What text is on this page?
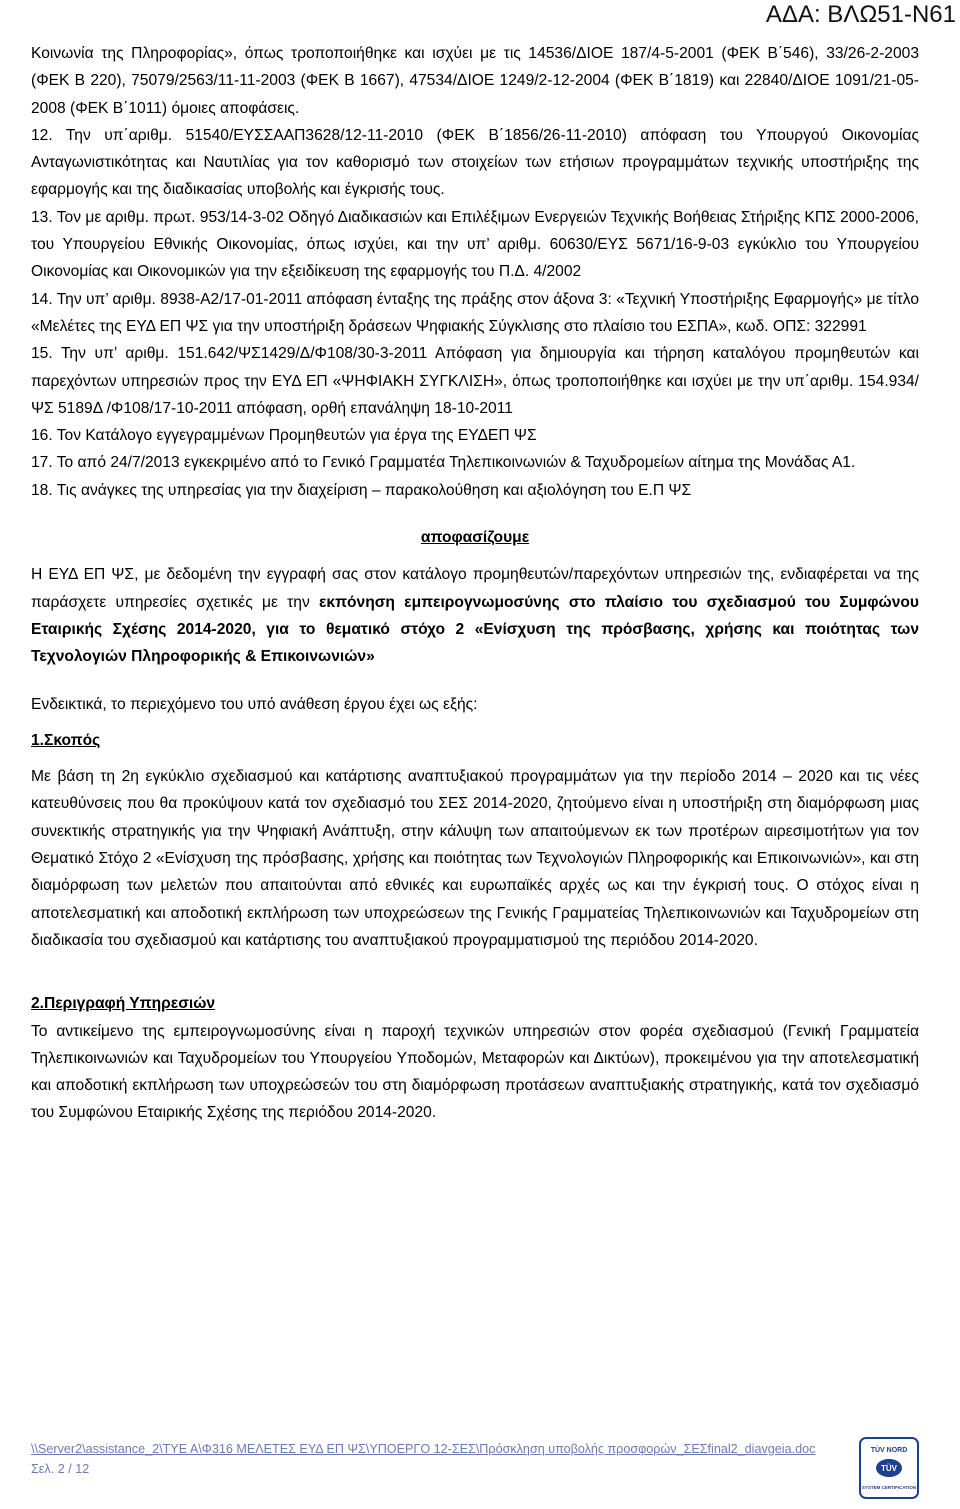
ΑΔΑ: ΒΛΩ51-Ν61

Κοινωνία της Πληροφορίας», όπως τροποποιήθηκε και ισχύει με τις 14536/ΔΙΟΕ 187/4-5-2001 (ΦΕΚ Β΄546), 33/26-2-2003 (ΦΕΚ Β 220), 75079/2563/11-11-2003 (ΦΕΚ Β 1667), 47534/ΔΙΟΕ 1249/2-12-2004 (ΦΕΚ Β΄1819) και 22840/ΔΙΟΕ 1091/21-05-2008 (ΦΕΚ Β΄1011) όμοιες αποφάσεις.

12. Την υπ΄αριθμ. 51540/ΕΥΣΣΑΑΠ3628/12-11-2010 (ΦΕΚ Β΄1856/26-11-2010) απόφαση του Υπουργού Οικονομίας Ανταγωνιστικότητας και Ναυτιλίας για τον καθορισμό των στοιχείων των ετήσιων προγραμμάτων τεχνικής υποστήριξης της εφαρμογής και της διαδικασίας υποβολής και έγκρισής τους.

13. Τον με αριθμ. πρωτ. 953/14-3-02 Οδηγό Διαδικασιών και Επιλέξιμων Ενεργειών Τεχνικής Βοήθειας Στήριξης ΚΠΣ 2000-2006, του Υπουργείου Εθνικής Οικονομίας, όπως ισχύει, και την υπ’ αριθμ. 60630/ΕΥΣ 5671/16-9-03 εγκύκλιο του Υπουργείου Οικονομίας και Οικονομικών για την εξειδίκευση της εφαρμογής του Π.Δ. 4/2002

14. Την υπ’ αριθμ. 8938-Α2/17-01-2011 απόφαση ένταξης της πράξης στον άξονα 3: «Τεχνική Υποστήριξης Εφαρμογής» με τίτλο «Μελέτες της ΕΥΔ ΕΠ ΨΣ για την υποστήριξη δράσεων Ψηφιακής Σύγκλισης στο πλαίσιο του ΕΣΠΑ», κωδ. ΟΠΣ: 322991

15. Την υπ’ αριθμ. 151.642/ΨΣ1429/Δ/Φ108/30-3-2011 Απόφαση για δημιουργία και τήρηση καταλόγου προμηθευτών και παρεχόντων υπηρεσιών προς την ΕΥΔ ΕΠ «ΨΗΦΙΑΚΗ ΣΥΓΚΛΙΣΗ», όπως τροποποιήθηκε και ισχύει με την υπ΄αριθμ. 154.934/ ΨΣ 5189Δ /Φ108/17-10-2011 απόφαση, ορθή επανάληψη 18-10-2011

16. Τον Κατάλογο εγγεγραμμένων Προμηθευτών για έργα της ΕΥΔΕΠ ΨΣ

17. Το από 24/7/2013 εγκεκριμένο από το Γενικό Γραμματέα Τηλεπικοινωνιών & Ταχυδρομείων αίτημα της Μονάδας Α1.

18. Τις ανάγκες της υπηρεσίας για την διαχείριση – παρακολούθηση και αξιολόγηση του Ε.Π ΨΣ

αποφασίζουμε

Η ΕΥΔ ΕΠ ΨΣ, με δεδομένη την εγγραφή σας στον κατάλογο προμηθευτών/παρεχόντων υπηρεσιών της, ενδιαφέρεται να της παράσχετε υπηρεσίες σχετικές με την εκπόνηση εμπειρογνωμοσύνης στο πλαίσιο του σχεδιασμού του Συμφώνου Εταιρικής Σχέσης 2014-2020, για το θεματικό στόχο 2 «Ενίσχυση της πρόσβασης, χρήσης και ποιότητας των Τεχνολογιών Πληροφορικής & Επικοινωνιών»

Ενδεικτικά, το περιεχόμενο του υπό ανάθεση έργου έχει ως εξής:

1.Σκοπός

Με βάση τη 2η εγκύκλιο σχεδιασμού και κατάρτισης αναπτυξιακού προγραμμάτων για την περίοδο 2014 – 2020 και τις νέες κατευθύνσεις που θα προκύψουν κατά τον σχεδιασμό του ΣΕΣ 2014-2020, ζητούμενο είναι η υποστήριξη στη διαμόρφωση μιας συνεκτικής στρατηγικής για την Ψηφιακή Ανάπτυξη, στην κάλυψη των απαιτούμενων εκ των προτέρων αιρεσιμοτήτων για τον Θεματικό Στόχο 2 «Ενίσχυση της πρόσβασης, χρήσης και ποιότητας των Τεχνολογιών Πληροφορικής και Επικοινωνιών», και στη διαμόρφωση των μελετών που απαιτούνται από εθνικές και ευρωπαϊκές αρχές ως και την έγκρισή τους. Ο στόχος είναι η αποτελεσματική και αποδοτική εκπλήρωση των υποχρεώσεων της Γενικής Γραμματείας Τηλεπικοινωνιών και Ταχυδρομείων στη διαδικασία του σχεδιασμού και κατάρτισης του αναπτυξιακού προγραμματισμού της περιόδου 2014-2020.

2.Περιγραφή Υπηρεσιών

Το αντικείμενο της εμπειρογνωμοσύνης είναι η παροχή τεχνικών υπηρεσιών στον φορέα σχεδιασμού (Γενική Γραμματεία Τηλεπικοινωνιών και Ταχυδρομείων του Υπουργείου Υποδομών, Μεταφορών και Δικτύων), προκειμένου για την αποτελεσματική και αποδοτική εκπλήρωση των υποχρεώσεών του στη διαμόρφωση προτάσεων αναπτυξιακής στρατηγικής, κατά τον σχεδιασμό του Συμφώνου Εταιρικής Σχέσης της περιόδου 2014-2020.

\\Server2\assistance_2\ΤΥΕ Α\Φ316 ΜΕΛΕΤΕΣ ΕΥΔ ΕΠ ΨΣ\ΥΠΟΕΡΓΟ 12-ΣΕΣ\Πρόσκληση υποβολής προσφορών_ΣΕΣfinal2_diavgeia.doc
Σελ. 2 / 12
TÜV NORD
TÜV
SYSTEM CERTIFICATION
